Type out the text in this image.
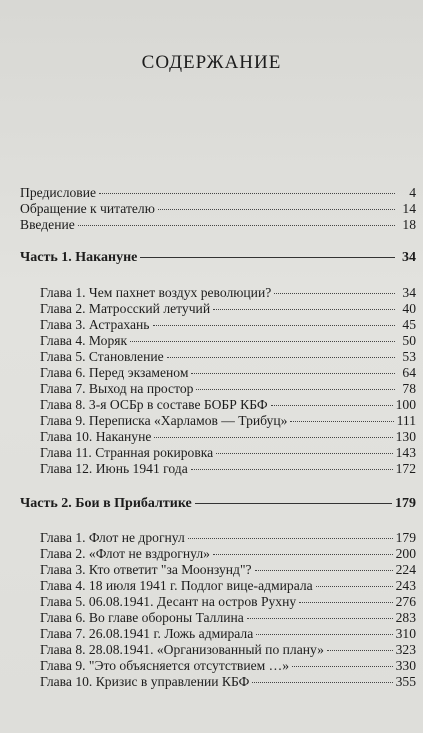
СОДЕРЖАНИЕ
Предисловие	4
Обращение к читателю	14
Введение	18
Часть 1. Накануне	34
Глава 1. Чем пахнет воздух революции?	34
Глава 2. Матросский летучий	40
Глава 3. Астрахань	45
Глава 4. Моряк	50
Глава 5. Становление	53
Глава 6. Перед экзаменом	64
Глава 7. Выход на простор	78
Глава 8. 3-я ОСБр в составе БОБР КБФ	100
Глава 9. Переписка «Харламов — Трибуц»	111
Глава 10. Накануне	130
Глава 11. Странная рокировка	143
Глава 12. Июнь 1941 года	172
Часть 2. Бои в Прибалтике	179
Глава 1. Флот не дрогнул	179
Глава 2. «Флот не вздрогнул»	200
Глава 3. Кто ответит "за Моонзунд"?	224
Глава 4. 18 июля 1941 г. Подлог вице-адмирала	243
Глава 5. 06.08.1941. Десант на остров Рухну	276
Глава 6. Во главе обороны Таллина	283
Глава 7. 26.08.1941 г. Ложь адмирала	310
Глава 8. 28.08.1941. «Организованный по плану»	323
Глава 9. "Это объясняется отсутствием …»	330
Глава 10. Кризис в управлении КБФ	355
